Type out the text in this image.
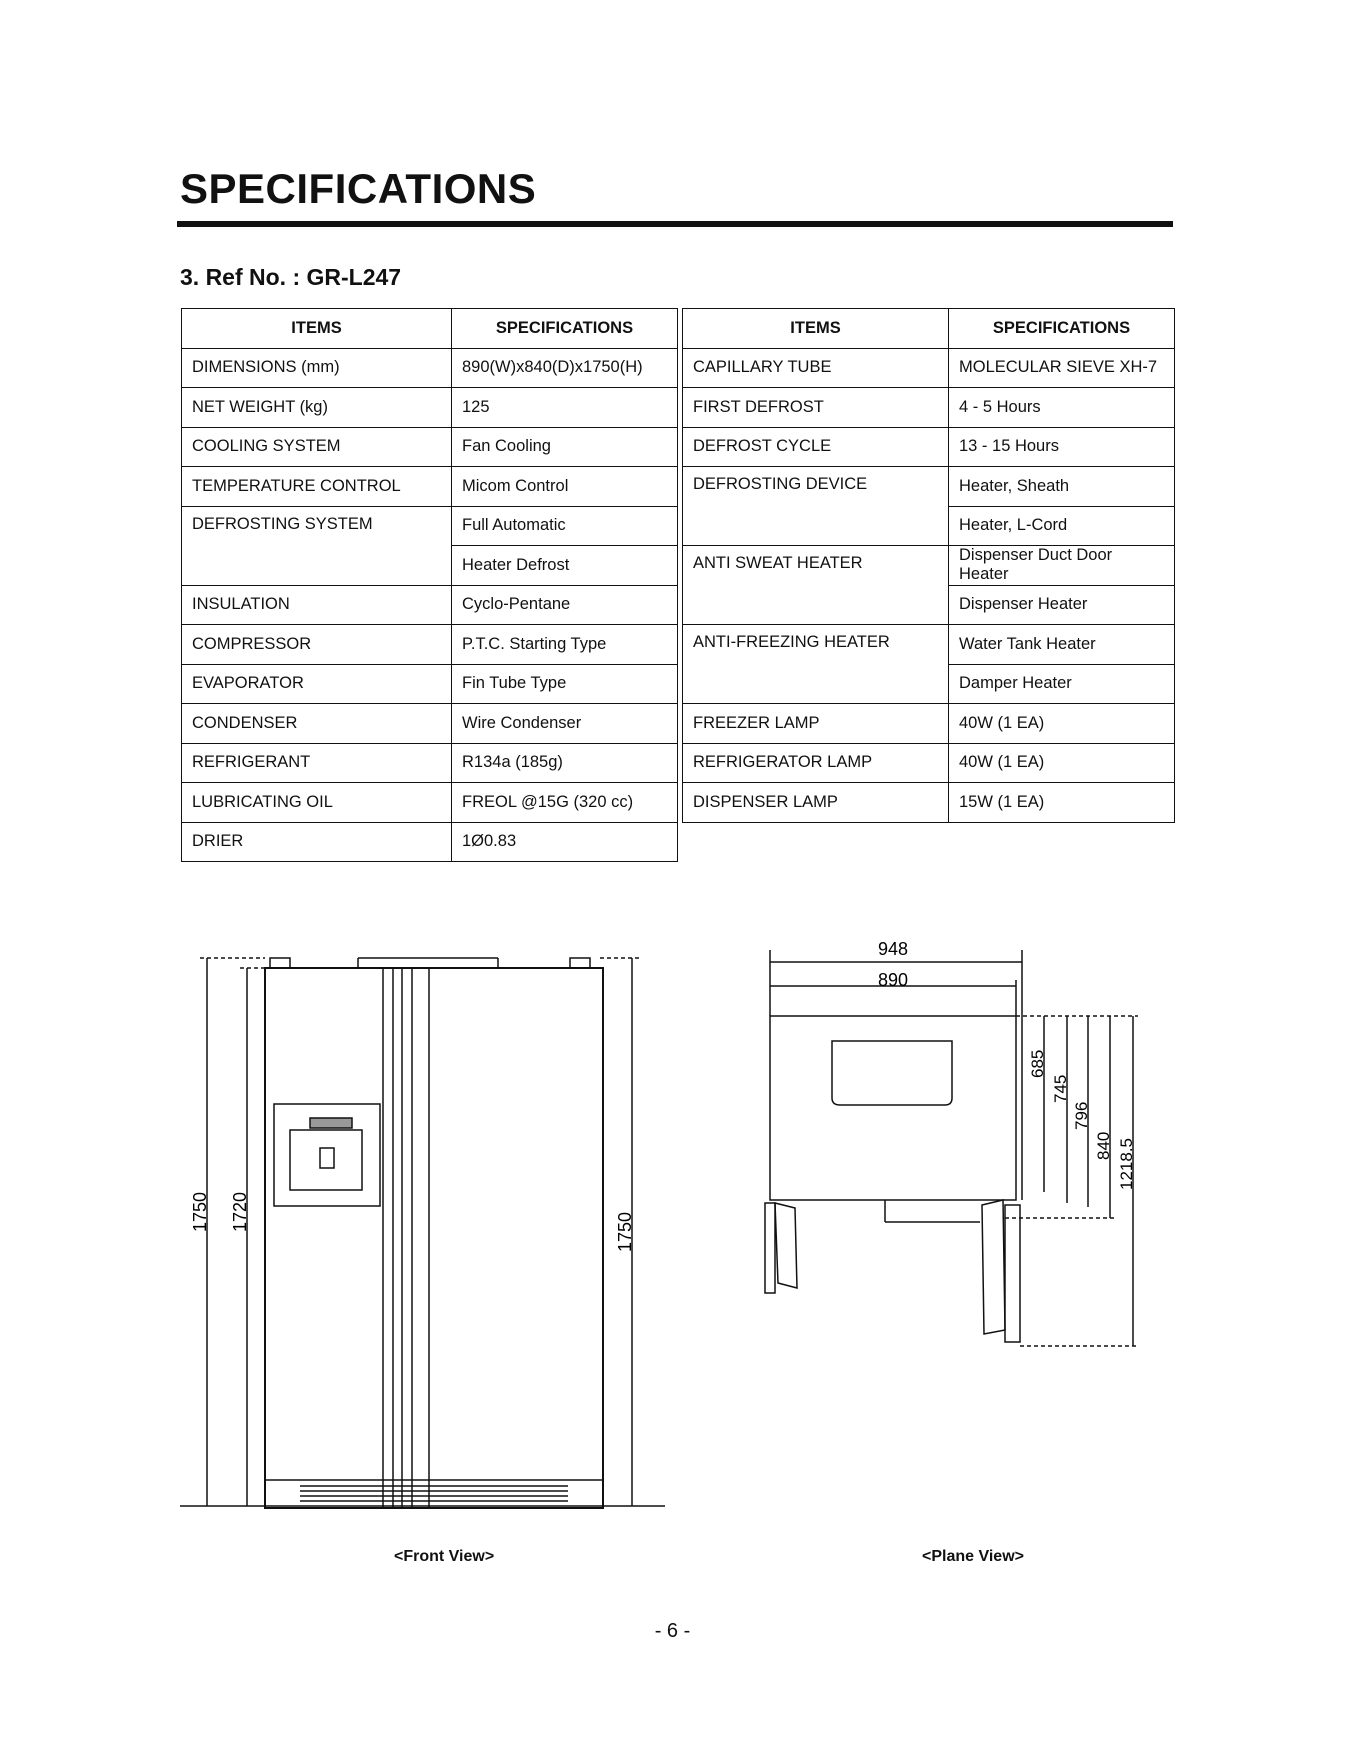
SPECIFICATIONS
3. Ref No. : GR-L247
ITEMS	SPECIFICATIONS
DIMENSIONS (mm)	890(W)x840(D)x1750(H)
NET WEIGHT (kg)	125
COOLING SYSTEM	Fan Cooling
TEMPERATURE CONTROL	Micom Control
DEFROSTING SYSTEM	Full Automatic
	Heater Defrost
INSULATION	Cyclo-Pentane
COMPRESSOR	P.T.C. Starting Type
EVAPORATOR	Fin Tube Type
CONDENSER	Wire Condenser
REFRIGERANT	R134a (185g)
LUBRICATING OIL	FREOL @15G (320 cc)
DRIER	1Ø0.83
ITEMS	SPECIFICATIONS
CAPILLARY TUBE	MOLECULAR SIEVE XH-7
FIRST DEFROST	4 - 5 Hours
DEFROST CYCLE	13 - 15 Hours
DEFROSTING DEVICE	Heater, Sheath
	Heater, L-Cord
ANTI SWEAT HEATER	Dispenser Duct Door Heater
	Dispenser Heater
ANTI-FREEZING HEATER	Water Tank Heater
	Damper Heater
FREEZER LAMP	40W (1 EA)
REFRIGERATOR LAMP	40W (1 EA)
DISPENSER LAMP	15W (1 EA)
1750 1720	1750
948
890
685
745
796
840 1218.5
<Front View>	<Plane View>
- 6 -
